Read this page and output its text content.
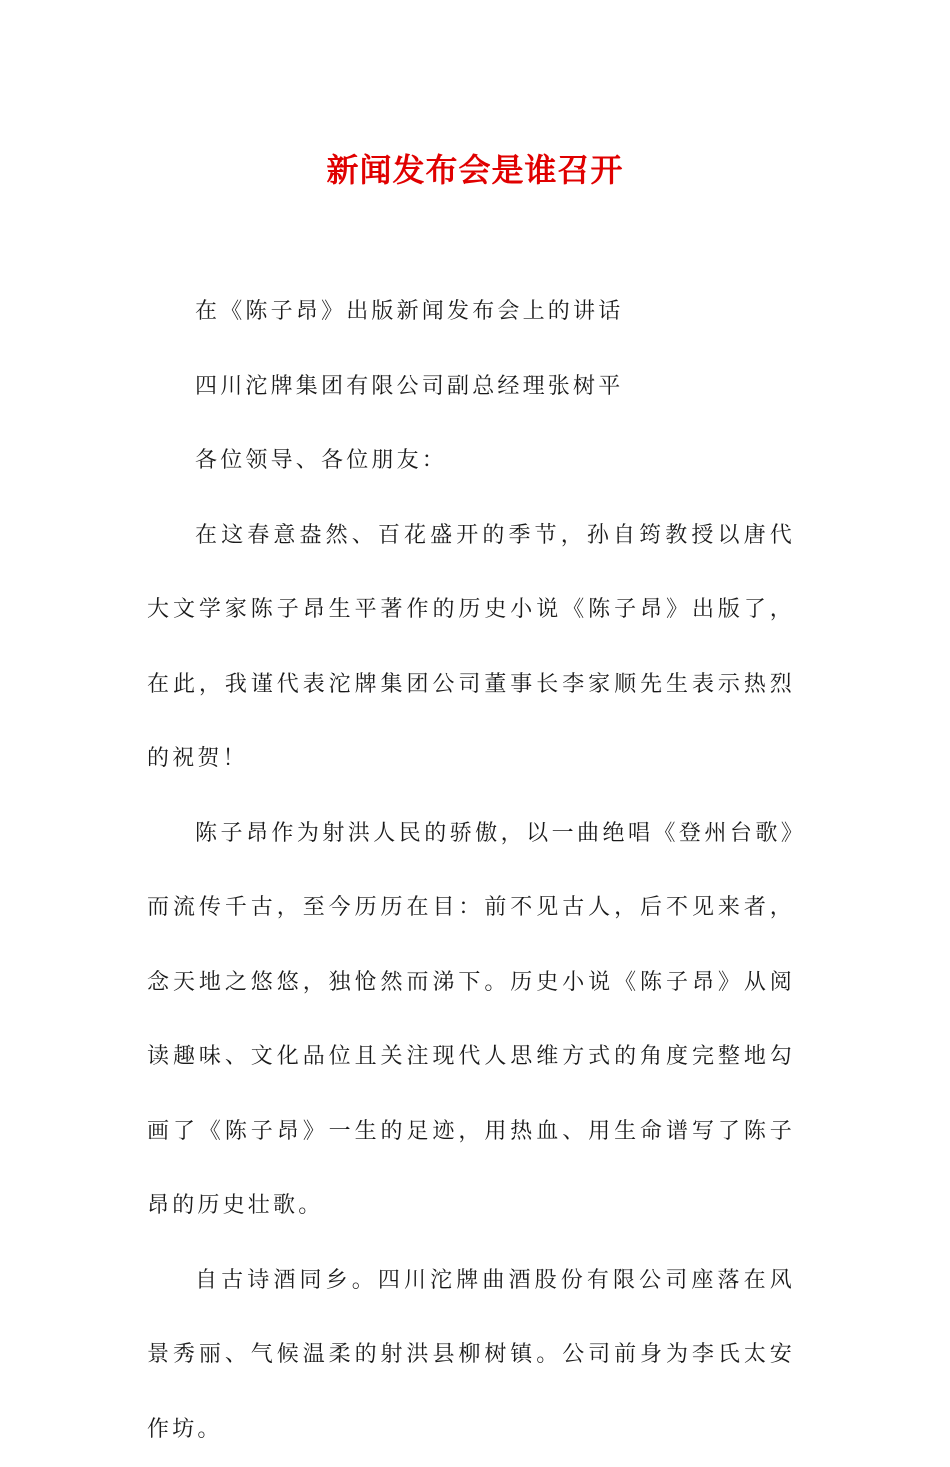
新闻发布会是谁召开

在《陈子昂》出版新闻发布会上的讲话

四川沱牌集团有限公司副总经理张树平

各位领导、各位朋友：

在这春意盎然、百花盛开的季节，孙自筠教授以唐代大文学家陈子昂生平著作的历史小说《陈子昂》出版了，在此，我谨代表沱牌集团公司董事长李家顺先生表示热烈的祝贺！

陈子昂作为射洪人民的骄傲，以一曲绝唱《登州台歌》而流传千古，至今历历在目：前不见古人，后不见来者，念天地之悠悠，独怆然而涕下。历史小说《陈子昂》从阅读趣味、文化品位且关注现代人思维方式的角度完整地勾画了《陈子昂》一生的足迹，用热血、用生命谱写了陈子昂的历史壮歌。

自古诗酒同乡。四川沱牌曲酒股份有限公司座落在风景秀丽、气候温柔的射洪县柳树镇。公司前身为李氏太安作坊。
